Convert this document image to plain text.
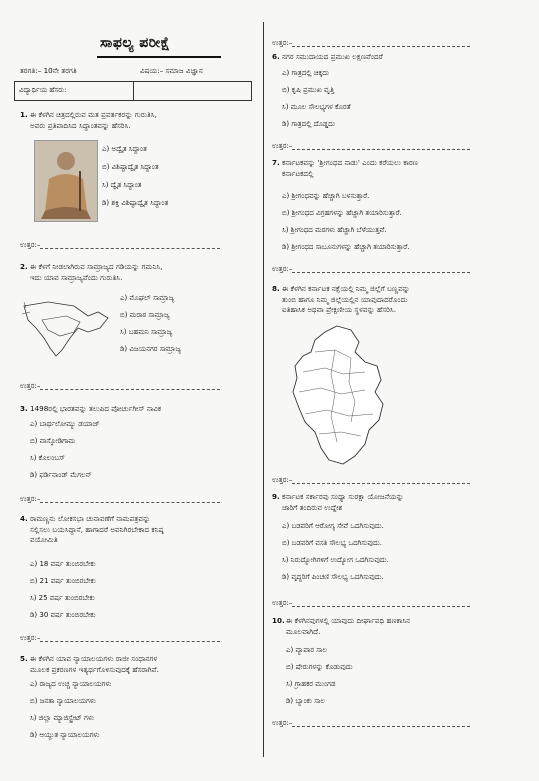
ಸಾಫಲ್ಯ ಪರೀಕ್ಷೆ
ತರಗತಿ:– 10ನೇ ತರಗತಿ	ವಿಷಯ:– ಸಮಾಜ ವಿಜ್ಞಾನ
ವಿದ್ಯಾರ್ಥಿಯ ಹೆಸರು:
ಉತ್ತರ:–
1. ಈ ಕೆಳಗಿನ ಚಿತ್ರದಲ್ಲಿರುವ ಮತ ಪ್ರವರ್ತಕರನ್ನು ಗುರುತಿಸಿ,
ಅವರು ಪ್ರತಿಪಾದಿಸಿದ ಸಿದ್ಧಾಂತವನ್ನು ಹೆಸರಿಸಿ.
ಎ) ಅದ್ವೈತ ಸಿದ್ಧಾಂತ
ಬಿ) ವಿಶಿಷ್ಟಾದ್ವೈತ ಸಿದ್ಧಾಂತ
ಸಿ) ದ್ವೈತ ಸಿದ್ಧಾಂತ
ಡಿ) ಶಕ್ತಿ ವಿಶಿಷ್ಟಾದ್ವೈತ ಸಿದ್ಧಾಂತ
ಉತ್ತರ:–
2. ಈ ಕೆಳಗೆ ನೀಡಲಾಗಿರುವ ಸಾಮ್ರಾಜ್ಯದ ಗಡಿಯನ್ನು ಗಮನಿಸಿ,
ಇದು ಯಾವ ಸಾಮ್ರಾಜ್ಯವೆಂದು ಗುರುತಿಸಿ.
ಎ) ಮೊಘಲ್ ಸಾಮ್ರಾಜ್ಯ
ಬಿ) ಮರಾಠ ಸಾಮ್ರಾಜ್ಯ
ಸಿ) ಬಹಮನಿ ಸಾಮ್ರಾಜ್ಯ
ಡಿ) ವಿಜಯನಗರ ಸಾಮ್ರಾಜ್ಯ
ಉತ್ತರ:–
3. 1498ರಲ್ಲಿ ಭಾರತವನ್ನು ತಲುಪಿದ ಪೋರ್ಚುಗೀಸ್ ನಾವಿಕ
ಎ) ಬಾರ್ಥಲೋಮ್ಯು ಡಯಾಜ್
ಬಿ) ವಾಸ್ಕೋಡಿಗಾಮ
ಸಿ) ಕೊಲಂಬಸ್
ಡಿ) ಫರ್ಡಿನಾಂಡ್ ಮೆಗಲನ್
ಉತ್ತರ:–
4. ರಾಮಣ್ಣನು ಲೋಕಸಭಾ ಚುನಾವಣೆಗೆ ನಾಮಪತ್ರವನ್ನು
ಸಲ್ಲಿಸಲು ಬಯಸಿದ್ದಾನೆ, ಹಾಗಾದರೆ ಅವನಿಗಿರಬೇಕಾದ ಕನಿಷ್ಠ
ವಯೋಮಿತಿ
ಎ) 18 ವರ್ಷ ತುಂಬಿರಬೇಕು
ಬಿ) 21 ವರ್ಷ ತುಂಬಿರಬೇಕು
ಸಿ) 25 ವರ್ಷ ತುಂಬಿರಬೇಕು
ಡಿ) 30 ವರ್ಷ ತುಂಬಿರಬೇಕು
ಉತ್ತರ:–
5. ಈ ಕೆಳಗಿನ ಯಾವ ನ್ಯಾಯಾಲಯಗಳು ರಾಜೀ ಸಂಧಾನಗಳ
ಮೂಲಕ ಪ್ರಕರಣಗಳ ಇತ್ಯರ್ಥಗೊಳಿಸುವುದಕ್ಕೆ ಹೆಸರಾಗಿವೆ.
ಎ) ರಾಜ್ಯದ ಉಚ್ಚ ನ್ಯಾಯಾಲಯಗಳು
ಬಿ) ಜನತಾ ನ್ಯಾಯಾಲಯಗಳು
ಸಿ) ಜಿಲ್ಲಾ ಮ್ಯಾಜಿಸ್ಟ್ರೇಟ್ ಗಳು
ಡಿ) ಆಯ್ದುತ ನ್ಯಾಯಾಲಯಗಳು
6. ನಗರ ಸಮುದಾಯದ ಪ್ರಮುಖ ಲಕ್ಷಣವೆಂದರೆ
ಎ) ಗಾತ್ರದಲ್ಲಿ ಚಿಕ್ಕದು
ಬಿ) ಕೃಷಿ ಪ್ರಮುಖ ವೃತ್ತಿ
ಸಿ) ಮೂಲ ಸೌಲಭ್ಯಗಳ ಕೊರತೆ
ಡಿ) ಗಾತ್ರದಲ್ಲಿ ದೊಡ್ಡದು
ಉತ್ತರ:–
7. ಕರ್ನಾಟಕವನ್ನು 'ಶ್ರೀಗಂಧದ ನಾಡು' ಎಂದು ಕರೆಯಲು ಕಾರಣ
ಕರ್ನಾಟಕದಲ್ಲಿ
ಎ) ಶ್ರೀಗಂಧವನ್ನು ಹೆಚ್ಚಾಗಿ ಬಳಸುತ್ತಾರೆ.
ಬಿ) ಶ್ರೀಗಂಧದ ವಿಗ್ರಹಗಳನ್ನು ಹೆಚ್ಚಾಗಿ ತಯಾರಿಸುತ್ತಾರೆ.
ಸಿ) ಶ್ರೀಗಂಧದ ಮರಗಳು ಹೆಚ್ಚಾಗಿ ಬೆಳೆಯುತ್ತವೆ.
ಡಿ) ಶ್ರೀಗಂಧದ ಸಾಬೂನುಗಳನ್ನು ಹೆಚ್ಚಾಗಿ ತಯಾರಿಸುತ್ತಾರೆ.
ಉತ್ತರ:–
8. ಈ ಕೆಳಗಿನ ಕರ್ನಾಟಕ ನಕ್ಷೆಯಲ್ಲಿ ನಿಮ್ಮ ಜಿಲ್ಲೆಗೆ ಬಣ್ಣವನ್ನು
ತುಂಬಿ ಹಾಗೂ ನಿಮ್ಮ ಜಿಲ್ಲೆಯಲ್ಲಿನ ಯಾವುದಾದರೊಂದು
ಐತಿಹಾಸಿಕ ಅಥವಾ ಪ್ರೇಕ್ಷಣೀಯ ಸ್ಥಳವನ್ನು ಹೆಸರಿಸಿ.
ಉತ್ತರ:–
9. ಕರ್ನಾಟಕ ಸರ್ಕಾರವು ಸಂಧ್ಯಾ ಸುರಕ್ಷಾ ಯೋಜನೆಯನ್ನು
ಜಾರಿಗೆ ತಂದಿರುವ ಉದ್ದೇಶ
ಎ) ಬಡವರಿಗೆ ಆರೋಗ್ಯ ಸೇವೆ ಒದಗಿಸುವುದು.
ಬಿ) ಬಡವರಿಗೆ ವಸತಿ ಸೌಲಭ್ಯ ಒದಗಿಸುವುದು.
ಸಿ) ನಿರುದ್ಯೋಗಿಗಳಿಗೆ ಉದ್ಯೋಗ ಒದಗಿಸುವುದು.
ಡಿ) ವೃದ್ಧರಿಗೆ ಪಿಂಚಣಿ ಸೌಲಭ್ಯ ಒದಗಿಸುವುದು.
ಉತ್ತರ:–
10. ಈ ಕೆಳಗಿನವುಗಳಲ್ಲಿ ಯಾವುದು ದೀರ್ಘಾವಧಿ ಹಣಕಾಸಿನ
ಮೂಲವಾಗಿದೆ.
ಎ) ವ್ಯಾಪಾರ ಸಾಲ
ಬಿ) ಷೇರುಗಳನ್ನು ಕೊಡುವುದು
ಸಿ) ಗ್ರಾಹಕರ ಮುಂಗಡ
ಡಿ) ಬ್ಯಾಂಕು ಸಾಲ
ಉತ್ತರ:–
